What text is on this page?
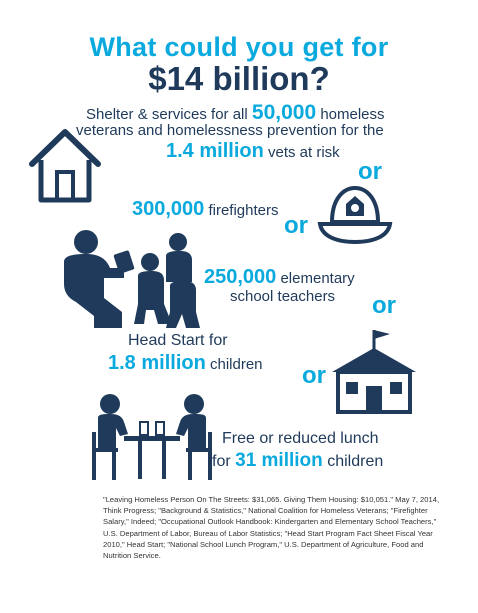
What could you get for
$14 billion?
Shelter & services for all 50,000 homeless
veterans and homelessness prevention for the
1.4 million vets at risk
or
300,000 firefighters
or
250,000 elementary
school teachers or
Head Start for
1.8 million children or
Free or reduced lunch
for 31 million children
"Leaving Homeless Person On The Streets: $31,065. Giving Them Housing: $10,051." May 7, 2014, Think Progress; "Background & Statistics," National Coalition for Homeless Veterans; "Firefighter Salary," Indeed; "Occupational Outlook Handbook: Kindergarten and Elementary School Teachers," U.S. Department of Labor, Bureau of Labor Statistics; "Head Start Program Fact Sheet Fiscal Year 2010," Head Start; "National School Lunch Program," U.S. Department of Agriculture, Food and Nutrition Service.
